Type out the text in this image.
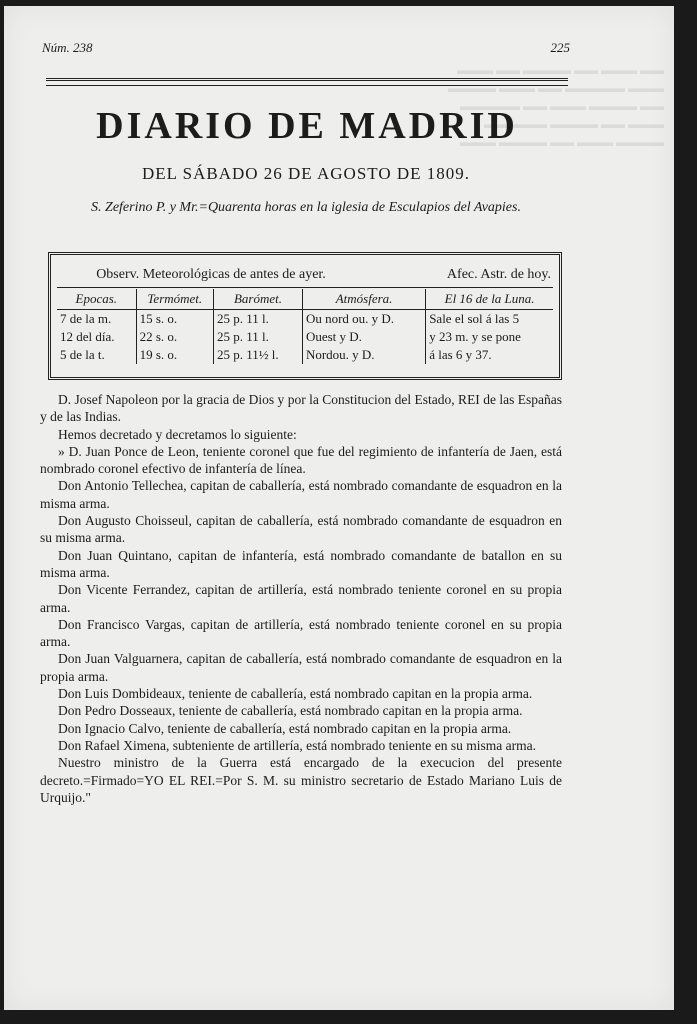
▬▬ ▬▬▬ ▬▬ ▬▬▬▬ ▬▬ ▬▬▬
▬▬▬ ▬▬▬▬▬ ▬▬ ▬▬▬ ▬▬▬▬
▬▬ ▬▬▬▬ ▬▬▬ ▬▬ ▬▬▬▬▬
▬▬▬ ▬▬ ▬▬▬▬ ▬▬▬ ▬▬
▬▬▬▬ ▬▬▬ ▬▬ ▬▬▬▬ ▬▬▬
Núm. 238	225
DIARIO DE MADRID
DEL SÁBADO 26 DE AGOSTO DE 1809.
S. Zeferino P. y Mr.=Quarenta horas en la iglesia de Esculapios del Avapies.
Observ. Meteorológicas de antes de ayer.	Afec. Astr. de hoy.
Epocas.	Termómet.	Barómet.	Atmósfera.	El 16 de la Luna.
7 de la m.	15 s. o.	25 p. 11 l.	Ou nord ou. y D.	Sale el sol á las 5
12 del día.	22 s. o.	25 p. 11 l.	Ouest y D.	y 23 m. y se pone
5 de la t.	19 s. o.	25 p. 11½ l.	Nordou. y D.	á las 6 y 37.

D. Josef Napoleon por la gracia de Dios y por la Constitucion del Estado, REI de las Españas y de las Indias.

Hemos decretado y decretamos lo siguiente:

» D. Juan Ponce de Leon, teniente coronel que fue del regimiento de infantería de Jaen, está nombrado coronel efectivo de infantería de línea.

Don Antonio Tellechea, capitan de caballería, está nombrado comandante de esquadron en la misma arma.

Don Augusto Choisseul, capitan de caballería, está nombrado comandante de esquadron en su misma arma.

Don Juan Quintano, capitan de infantería, está nombrado comandante de batallon en su misma arma.

Don Vicente Ferrandez, capitan de artillería, está nombrado teniente coronel en su propia arma.

Don Francisco Vargas, capitan de artillería, está nombrado teniente coronel en su propia arma.

Don Juan Valguarnera, capitan de caballería, está nombrado comandante de esquadron en la propia arma.

Don Luis Dombideaux, teniente de caballería, está nombrado capitan en la propia arma.

Don Pedro Dosseaux, teniente de caballería, está nombrado capitan en la propia arma.

Don Ignacio Calvo, teniente de caballería, está nombrado capitan en la propia arma.

Don Rafael Ximena, subteniente de artillería, está nombrado teniente en su misma arma.

Nuestro ministro de la Guerra está encargado de la execucion del presente decreto.=Firmado=YO EL REI.=Por S. M. su ministro secretario de Estado Mariano Luis de Urquijo."
